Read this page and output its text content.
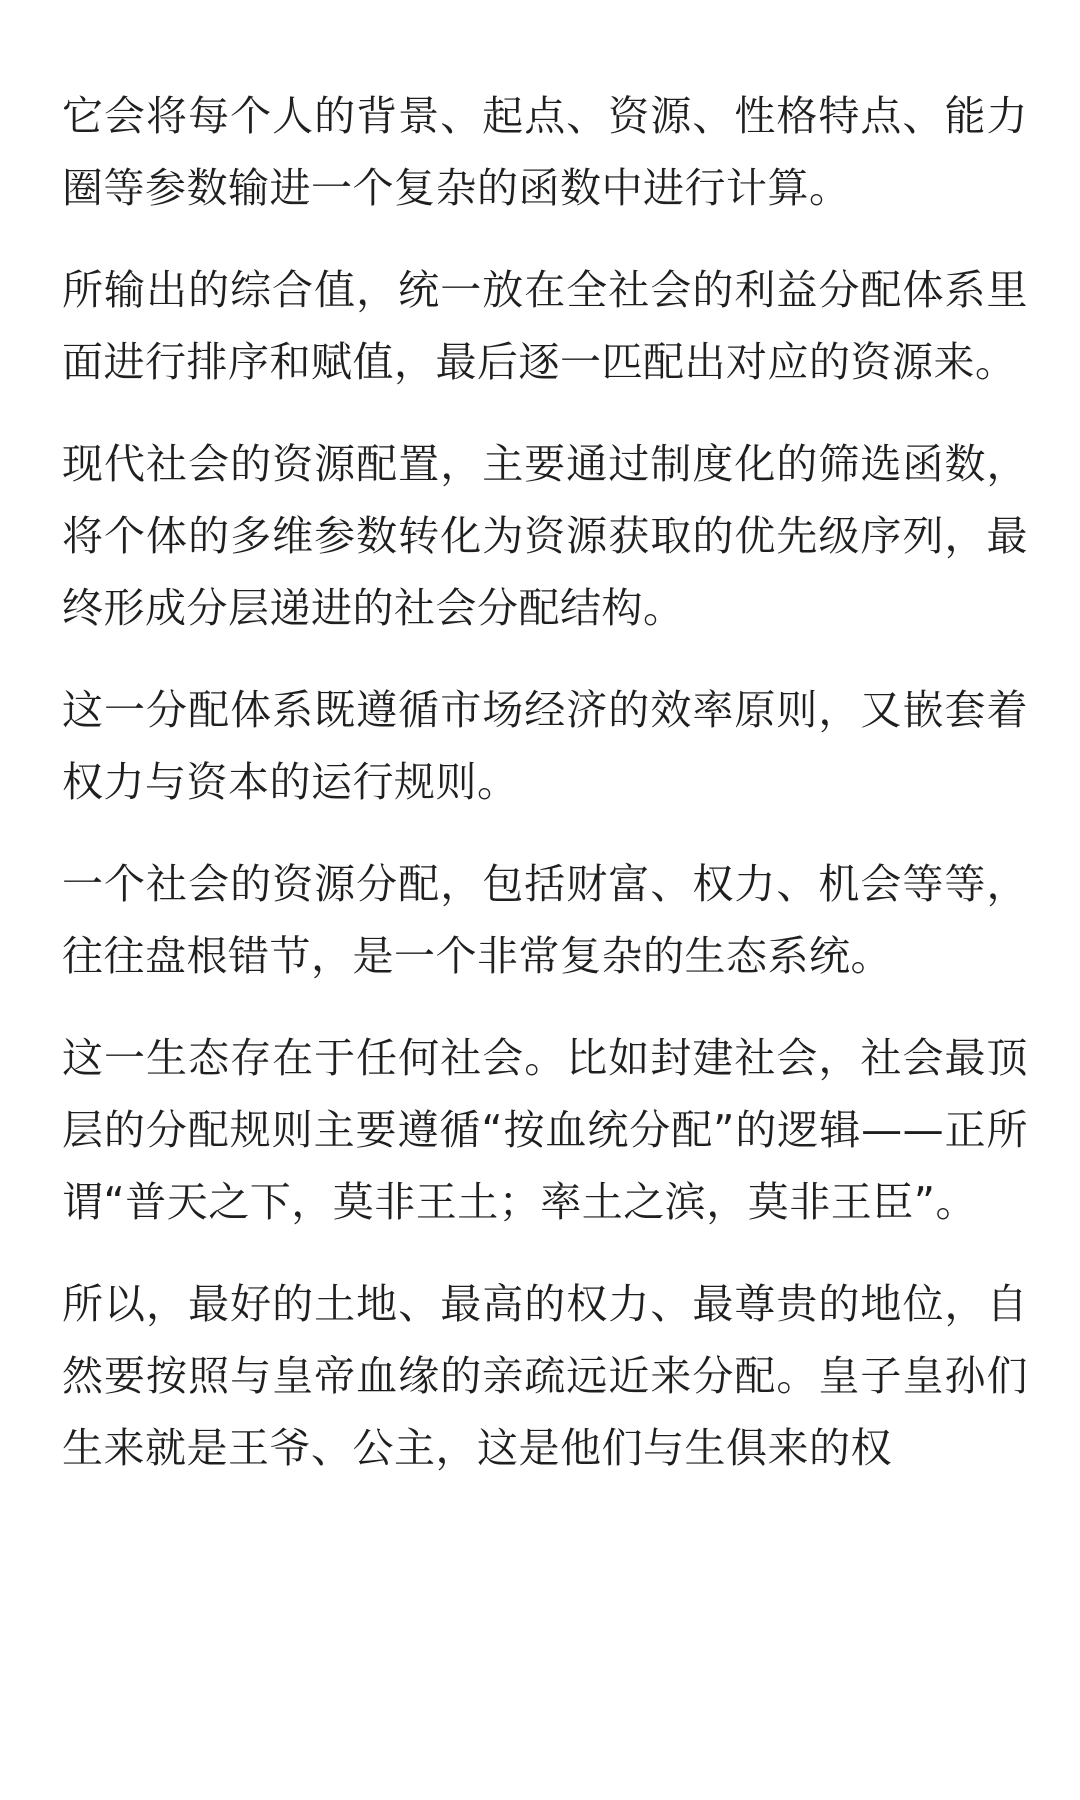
它会将每个人的背景、起点、资源、性格特点、能力圈等参数输进一个复杂的函数中进行计算。

所输出的综合值，统一放在全社会的利益分配体系里面进行排序和赋值，最后逐一匹配出对应的资源来。

现代社会的资源配置，主要通过制度化的筛选函数，将个体的多维参数转化为资源获取的优先级序列，最终形成分层递进的社会分配结构。

这一分配体系既遵循市场经济的效率原则，又嵌套着权力与资本的运行规则。

一个社会的资源分配，包括财富、权力、机会等等，往往盘根错节，是一个非常复杂的生态系统。

这一生态存在于任何社会。比如封建社会，社会最顶层的分配规则主要遵循“按血统分配”的逻辑——正所谓“普天之下，莫非王土；率土之滨，莫非王臣”。

所以，最好的土地、最高的权力、最尊贵的地位，自然要按照与皇帝血缘的亲疏远近来分配。皇子皇孙们生来就是王爷、公主，这是他们与生俱来的权
